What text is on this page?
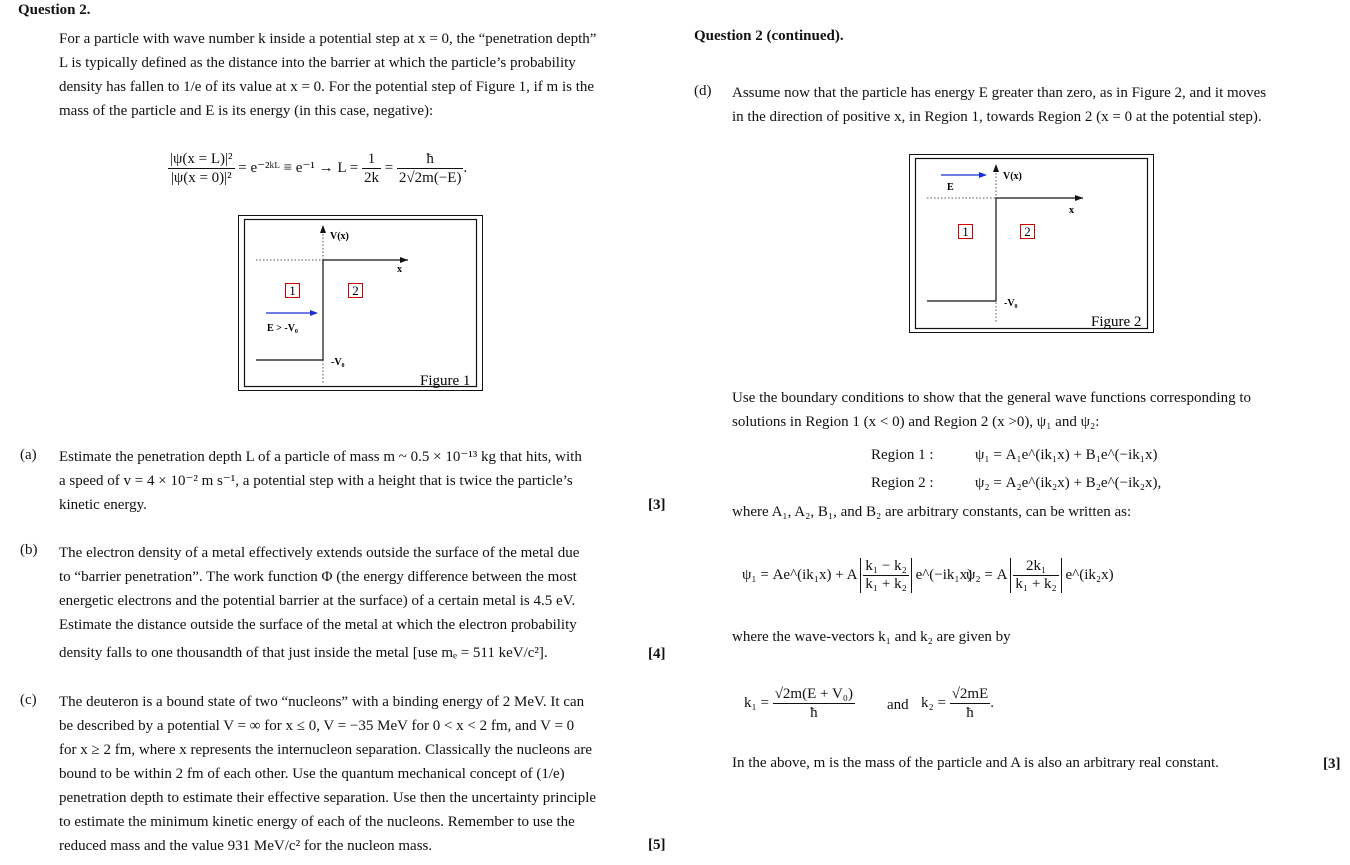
Question 2.
For a particle with wave number k inside a potential step at x = 0, the “penetration depth”
L is typically defined as the distance into the barrier at which the particle’s probability
density has fallen to 1/e of its value at x = 0. For the potential step of Figure 1, if m is the
mass of the particle and E is its energy (in this case, negative):
$\frac{\text{|ψ(x = L)|²}}{\text{|ψ(x = 0)|²}}$ = e⁻²ᵏᴸ ≡ $e^{-1} \to L = \frac{1}{2k} = \frac{ħ}{2√2m(-E)}$ .
1	2
V(x)
x
E > -V₀
-V₀
Figure 1
(a) Estimate the penetration depth L of a particle of mass m ~ 0.5 × 10⁻¹³ kg that hits, with
a speed of v = 4 × 10⁻² m s⁻¹, a potential step with a height that is twice the particle’s
kinetic energy.	[3]
(b) The electron density of a metal effectively extends outside the surface of the metal due
to “barrier penetration”. The work function Φ (the energy difference between the most
energetic electrons and the potential barrier at the surface) of a certain metal is 4.5 eV.
Estimate the distance outside the surface of the metal at which the electron probability
density falls to one thousandth of that just inside the metal [use mₑ = 511 keV/c²].	[4]
(c) The deuteron is a bound state of two “nucleons” with a binding energy of 2 MeV. It can
be described by a potential V = ∞ for x ≤ 0, V = −35 MeV for 0 < x < 2 fm, and V = 0
for x ≥ 2 fm, where x represents the internucleon separation. Classically the nucleons are
bound to be within 2 fm of each other. Use the quantum mechanical concept of (1/e)
penetration depth to estimate their effective separation. Use then the uncertainty principle
to estimate the minimum kinetic energy of each of the nucleons. Remember to use the
reduced mass and the value 931 MeV/c² for the nucleon mass.	[5]
Question 2 (continued).
(d) Assume now that the particle has energy E greater than zero, as in Figure 2, and it moves
in the direction of positive x, in Region 1, towards Region 2 (x = 0 at the potential step).
1	2
V(x)
x
E
-V₀
Figure 2
Use the boundary conditions to show that the general wave functions corresponding to
solutions in Region 1 (x < 0) and Region 2 (x >0), ψ₁ and ψ₂:
Region 1 :	ψ₁ = A₁e^(ik₁x) + B₁e^(−ik₁x)
Region 2 :	ψ₂ = A₂e^(ik₂x) + B₂e^(−ik₂x),
where A₁, A₂, B₁, and B₂ are arbitrary constants, can be written as:
ψ₁ = Ae^(ik₁x) + A $\frac{\text{k₁ − k₂}}{\text{k₁ + k₂}}$ e^(−ik₁x)
ψ₂ = A $\frac{\text{2k₁}}{\text{k₁ + k₂}}$ e^(ik₂x)
where the wave-vectors k₁ and k₂ are given by
$k_1 = \frac{\text{√2m(E + V₀)}}{ħ}$ and $k_2 = \frac{√2mE}{ħ}$ .
In the above, m is the mass of the particle and A is also an arbitrary real constant.	[3]
